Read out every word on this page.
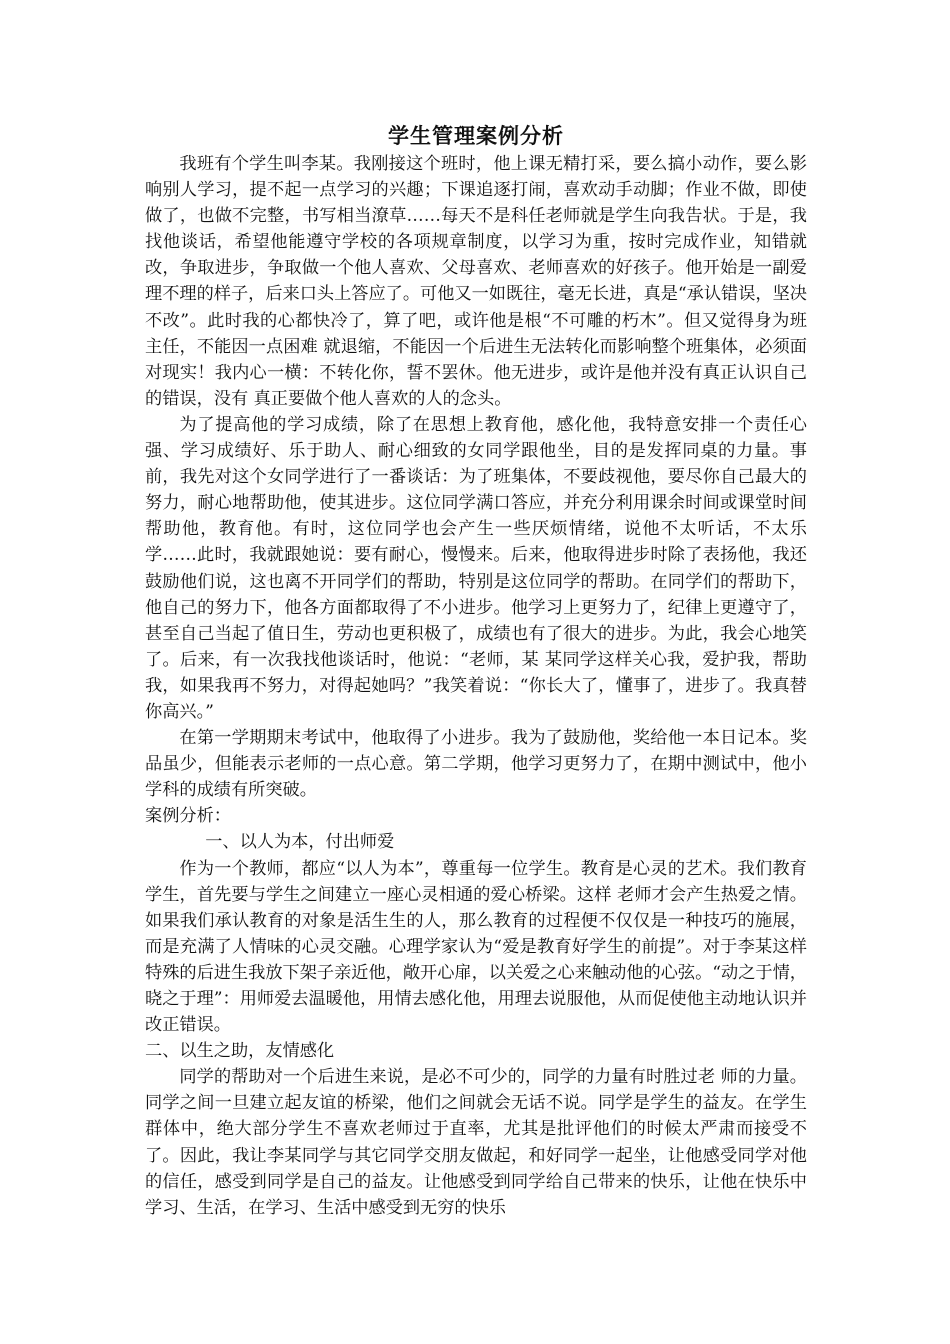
学生管理案例分析

我班有个学生叫李某。我刚接这个班时，他上课无精打采，要么搞小动作，要么影响别人学习，提不起一点学习的兴趣；下课追逐打闹，喜欢动手动脚；作业不做，即使做了，也做不完整，书写相当潦草……每天不是科任老师就是学生向我告状。于是，我找他谈话，希望他能遵守学校的各项规章制度，以学习为重，按时完成作业，知错就改，争取进步，争取做一个他人喜欢、父母喜欢、老师喜欢的好孩子。他开始是一副爱理不理的样子，后来口头上答应了。可他又一如既往，毫无长进，真是“承认错误，坚决不改”。此时我的心都快冷了，算了吧，或许他是根“不可雕的朽木”。但又觉得身为班主任，不能因一点困难 就退缩，不能因一个后进生无法转化而影响整个班集体，必须面对现实！我内心一横：不转化你，誓不罢休。他无进步，或许是他并没有真正认识自己的错误，没有 真正要做个他人喜欢的人的念头。

为了提高他的学习成绩，除了在思想上教育他，感化他，我特意安排一个责任心强、学习成绩好、乐于助人、耐心细致的女同学跟他坐，目的是发挥同桌的力量。事前，我先对这个女同学进行了一番谈话：为了班集体，不要歧视他，要尽你自己最大的努力，耐心地帮助他，使其进步。这位同学满口答应，并充分利用课余时间或课堂时间帮助他，教育他。有时，这位同学也会产生一些厌烦情绪，说他不太听话，不太乐学……此时，我就跟她说：要有耐心，慢慢来。后来，他取得进步时除了表扬他，我还鼓励他们说，这也离不开同学们的帮助，特别是这位同学的帮助。在同学们的帮助下，他自己的努力下，他各方面都取得了不小进步。他学习上更努力了，纪律上更遵守了，甚至自己当起了值日生，劳动也更积极了，成绩也有了很大的进步。为此，我会心地笑了。后来，有一次我找他谈话时，他说：“老师，某 某同学这样关心我，爱护我，帮助我，如果我再不努力，对得起她吗？”我笑着说：“你长大了，懂事了，进步了。我真替你高兴。”

在第一学期期末考试中，他取得了小进步。我为了鼓励他，奖给他一本日记本。奖品虽少，但能表示老师的一点心意。第二学期，他学习更努力了，在期中测试中，他小学科的成绩有所突破。

案例分析：

一、以人为本，付出师爱

作为一个教师，都应“以人为本”，尊重每一位学生。教育是心灵的艺术。我们教育学生，首先要与学生之间建立一座心灵相通的爱心桥梁。这样 老师才会产生热爱之情。如果我们承认教育的对象是活生生的人，那么教育的过程便不仅仅是一种技巧的施展，而是充满了人情味的心灵交融。心理学家认为“爱是教育好学生的前提”。对于李某这样特殊的后进生我放下架子亲近他，敞开心扉，以关爱之心来触动他的心弦。“动之于情，晓之于理”：用师爱去温暖他，用情去感化他，用理去说服他，从而促使他主动地认识并改正错误。

二、以生之助，友情感化

同学的帮助对一个后进生来说，是必不可少的，同学的力量有时胜过老 师的力量。同学之间一旦建立起友谊的桥梁，他们之间就会无话不说。同学是学生的益友。在学生群体中，绝大部分学生不喜欢老师过于直率，尤其是批评他们的时候太严肃而接受不了。因此，我让李某同学与其它同学交朋友做起，和好同学一起坐，让他感受同学对他的信任，感受到同学是自己的益友。让他感受到同学给自己带来的快乐，让他在快乐中学习、生活，在学习、生活中感受到无穷的快乐
